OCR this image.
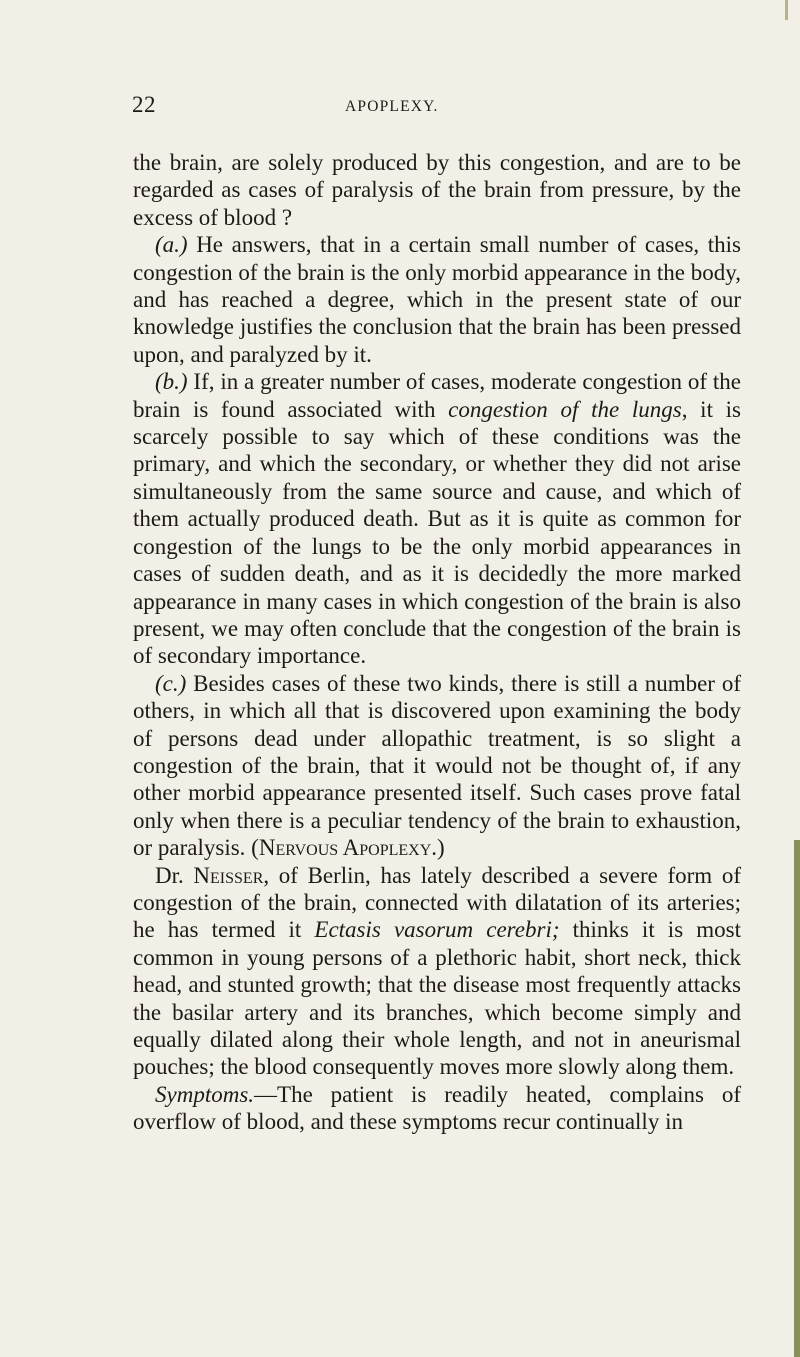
22	APOPLEXY.

the brain, are solely produced by this congestion, and are to be regarded as cases of paralysis of the brain from pressure, by the excess of blood ?

(a.) He answers, that in a certain small number of cases, this congestion of the brain is the only morbid appearance in the body, and has reached a degree, which in the present state of our knowledge justifies the conclusion that the brain has been pressed upon, and paralyzed by it.

(b.) If, in a greater number of cases, moderate congestion of the brain is found associated with congestion of the lungs, it is scarcely possible to say which of these conditions was the primary, and which the secondary, or whether they did not arise simultaneously from the same source and cause, and which of them actually produced death. But as it is quite as common for congestion of the lungs to be the only morbid appearances in cases of sudden death, and as it is decidedly the more marked appearance in many cases in which congestion of the brain is also present, we may often conclude that the congestion of the brain is of secondary importance.

(c.) Besides cases of these two kinds, there is still a number of others, in which all that is discovered upon examining the body of persons dead under allopathic treatment, is so slight a congestion of the brain, that it would not be thought of, if any other morbid appearance presented itself. Such cases prove fatal only when there is a peculiar tendency of the brain to exhaustion, or paralysis. (Nervous Apoplexy.)

Dr. Neisser, of Berlin, has lately described a severe form of congestion of the brain, connected with dilatation of its arteries; he has termed it Ectasis vasorum cerebri; thinks it is most common in young persons of a plethoric habit, short neck, thick head, and stunted growth; that the disease most frequently attacks the basilar artery and its branches, which become simply and equally dilated along their whole length, and not in aneurismal pouches; the blood consequently moves more slowly along them.

Symptoms.—The patient is readily heated, complains of overflow of blood, and these symptoms recur continually in
